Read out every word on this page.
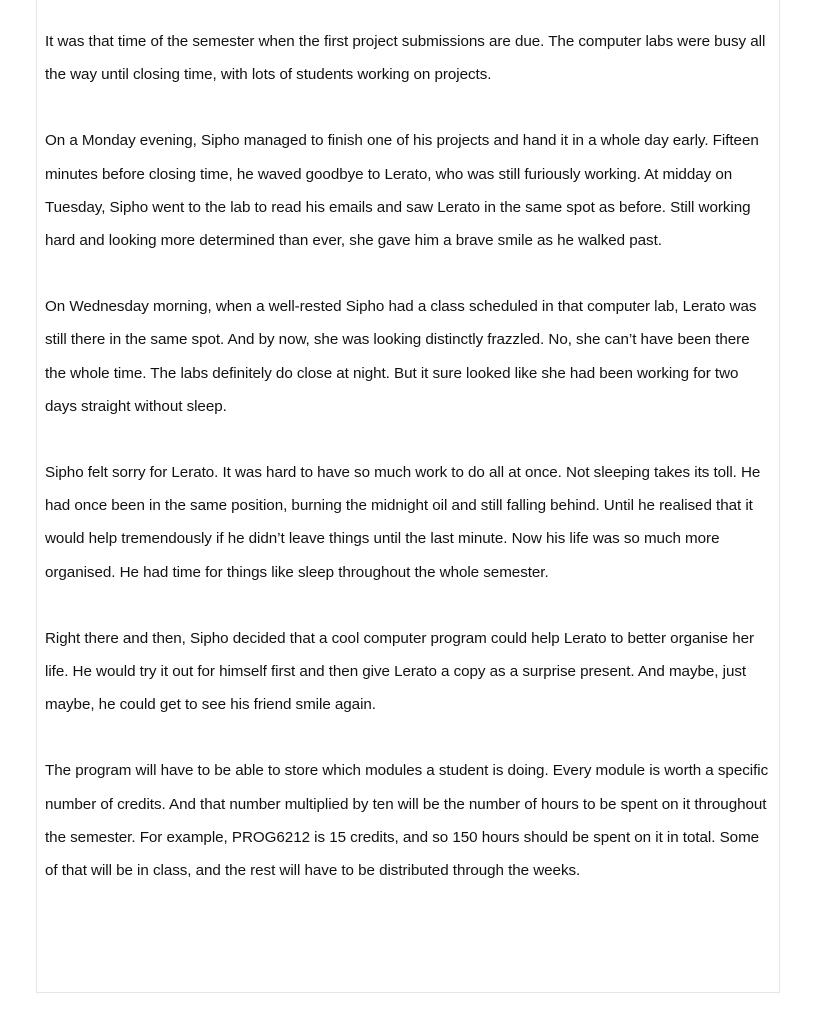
It was that time of the semester when the first project submissions are due. The computer labs were busy all the way until closing time, with lots of students working on projects.

On a Monday evening, Sipho managed to finish one of his projects and hand it in a whole day early. Fifteen minutes before closing time, he waved goodbye to Lerato, who was still furiously working. At midday on Tuesday, Sipho went to the lab to read his emails and saw Lerato in the same spot as before. Still working hard and looking more determined than ever, she gave him a brave smile as he walked past.

On Wednesday morning, when a well-rested Sipho had a class scheduled in that computer lab, Lerato was still there in the same spot. And by now, she was looking distinctly frazzled. No, she can’t have been there the whole time. The labs definitely do close at night. But it sure looked like she had been working for two days straight without sleep.

Sipho felt sorry for Lerato. It was hard to have so much work to do all at once. Not sleeping takes its toll. He had once been in the same position, burning the midnight oil and still falling behind. Until he realised that it would help tremendously if he didn’t leave things until the last minute. Now his life was so much more organised. He had time for things like sleep throughout the whole semester.

Right there and then, Sipho decided that a cool computer program could help Lerato to better organise her life. He would try it out for himself first and then give Lerato a copy as a surprise present. And maybe, just maybe, he could get to see his friend smile again.

The program will have to be able to store which modules a student is doing. Every module is worth a specific number of credits. And that number multiplied by ten will be the number of hours to be spent on it throughout the semester. For example, PROG6212 is 15 credits, and so 150 hours should be spent on it in total. Some of that will be in class, and the rest will have to be distributed through the weeks.
